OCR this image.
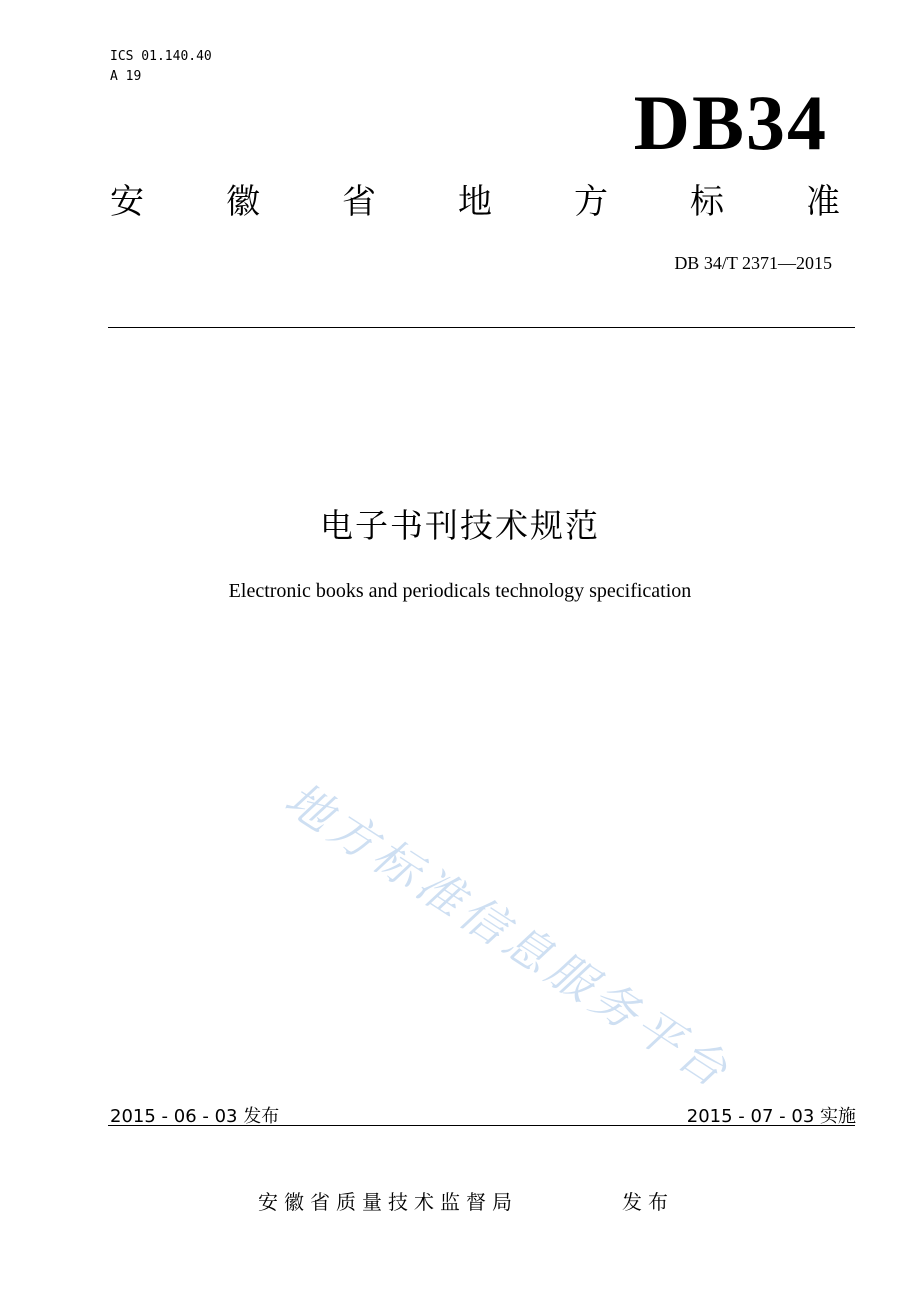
ICS 01.140.40
A 19
DB34
安 徽 省 地 方 标 准
DB 34/T 2371—2015
电子书刊技术规范
Electronic books and periodicals technology specification
地方标准信息服务平台
2015 - 06 - 03 发布	2015 - 07 - 03 实施
安徽省质量技术监督局	发布
